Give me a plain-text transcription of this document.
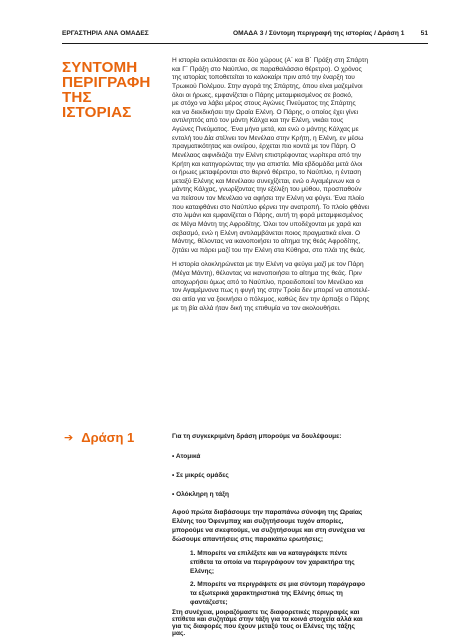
ΕΡΓΑΣΤΗΡΙΑ ΑΝΑ ΟΜΑΔΕΣ	ΟΜΑΔΑ 3 / Σύντομη περιγραφή της ιστορίας / Δράση 1 51
ΣΥΝΤΟΜΗ
ΠΕΡΙΓΡΑΦΗ
ΤΗΣ
ΙΣΤΟΡΙΑΣ

Η ιστορία εκτυλίσσεται σε δύο χώρους (Α΄ και Β΄ Πράξη στη Σπάρτη

και Γ΄ Πράξη στο Ναύπλιο, σε παραθαλάσσιο θέρετρο). Ο χρόνος

της ιστορίας τοποθετείται το καλοκαίρι πριν από την έναρξη του

Τρωικού Πολέμου. Στην αγορά της Σπάρτης, όπου είναι μαζεμένοι

όλοι οι ήρωες, εμφανίζεται ο Πάρης μεταμφιεσμένος σε βοσκό,

με στόχο να λάβει μέρος στους Αγώνες Πνεύματος της Σπάρτης

και να διεκδικήσει την Ωραία Ελένη. Ο Πάρης, ο οποίος έχει γίνει

αντιληπτός από τον μάντη Κάλχα και την Ελένη, νικάει τους

Αγώνες Πνεύματος. Ένα μήνα μετά, και ενώ ο μάντης Κάλχας με

εντολή του Δία στέλνει τον Μενέλαο στην Κρήτη, η Ελένη, εν μέσω

πραγματικότητας και ονείρου, έρχεται πιο κοντά με τον Πάρη. Ο

Μενέλαος αιφνιδιάζει την Ελένη επιστρέφοντας νωρίτερα από την

Κρήτη και κατηγορώντας την για απιστία. Μία εβδομάδα μετά όλοι

οι ήρωες μεταφέρονται στο θερινό θέρετρο, το Ναύπλιο, η ένταση

μεταξύ Ελένης και Μενέλαου συνεχίζεται, ενώ ο Αγαμέμνων και ο

μάντης Κάλχας, γνωρίζοντας την εξέλιξη του μύθου, προσπαθούν

να πείσουν τον Μενέλαο να αφήσει την Ελένη να φύγει. Ένα πλοίο

που καταφθάνει στο Ναύπλιο φέρνει την ανατροπή. Το πλοίο φθάνει

στο λιμάνι και εμφανίζεται ο Πάρης, αυτή τη φορά μεταμφιεσμένος

σε Μέγα Μάντη της Αφροδίτης. Όλοι τον υποδέχονται με χαρά και

σεβασμό, ενώ η Ελένη αντιλαμβάνεται ποιος πραγματικά είναι. Ο

Μάντης, θέλοντας να ικανοποιήσει το αίτημα της θεάς Αφροδίτης,

ζητάει να πάρει μαζί του την Ελένη στα Κύθηρα, στο πλάι της θεάς.

Η ιστορία ολοκληρώνεται με την Ελένη να φεύγει μαζί με τον Πάρη

(Μέγα Μάντη), θέλοντας να ικανοποιήσει το αίτημα της θεάς. Πριν

αποχωρήσει όμως από το Ναύπλιο, προειδοποιεί τον Μενέλαο και

τον Αγαμέμνονα πως η φυγή της στην Τροία δεν μπορεί να αποτελέ-

σει αιτία για να ξεκινήσει ο πόλεμος, καθώς δεν την άρπαξε ο Πάρης

με τη βία αλλά ήταν δική της επιθυμία να τον ακολουθήσει.

➔ Δράση 1	Για τη συγκεκριμένη δράση μπορούμε να δουλέψουμε:

• Ατομικά

• Σε μικρές ομάδες

• Ολόκληρη η τάξη

Αφού πρώτα διαβάσουμε την παραπάνω σύνοψη της Ωραίας

Ελένης του Όφενμπαχ και συζητήσουμε τυχόν απορίες,

μπορούμε να σκεφτούμε, να συζητήσουμε και στη συνέχεια να

δώσουμε απαντήσεις στις παρακάτω ερωτήσεις;

1. Μπορείτε να επιλέξετε και να καταγράψετε πέντε

επίθετα τα οποία να περιγράφουν τον χαρακτήρα της

Ελένης;

2. Μπορείτε να περιγράψετε σε μια σύντομη παράγραφο

τα εξωτερικά χαρακτηριστικά της Ελένης όπως τη

φαντάζεστε;

Στη συνέχεια, μοιραζόμαστε τις διαφορετικές περιγραφές και

επίθετα και συζητάμε στην τάξη για τα κοινά στοιχεία αλλά και

για τις διαφορές που έχουν μεταξύ τους οι Ελένες της τάξης

μας.
